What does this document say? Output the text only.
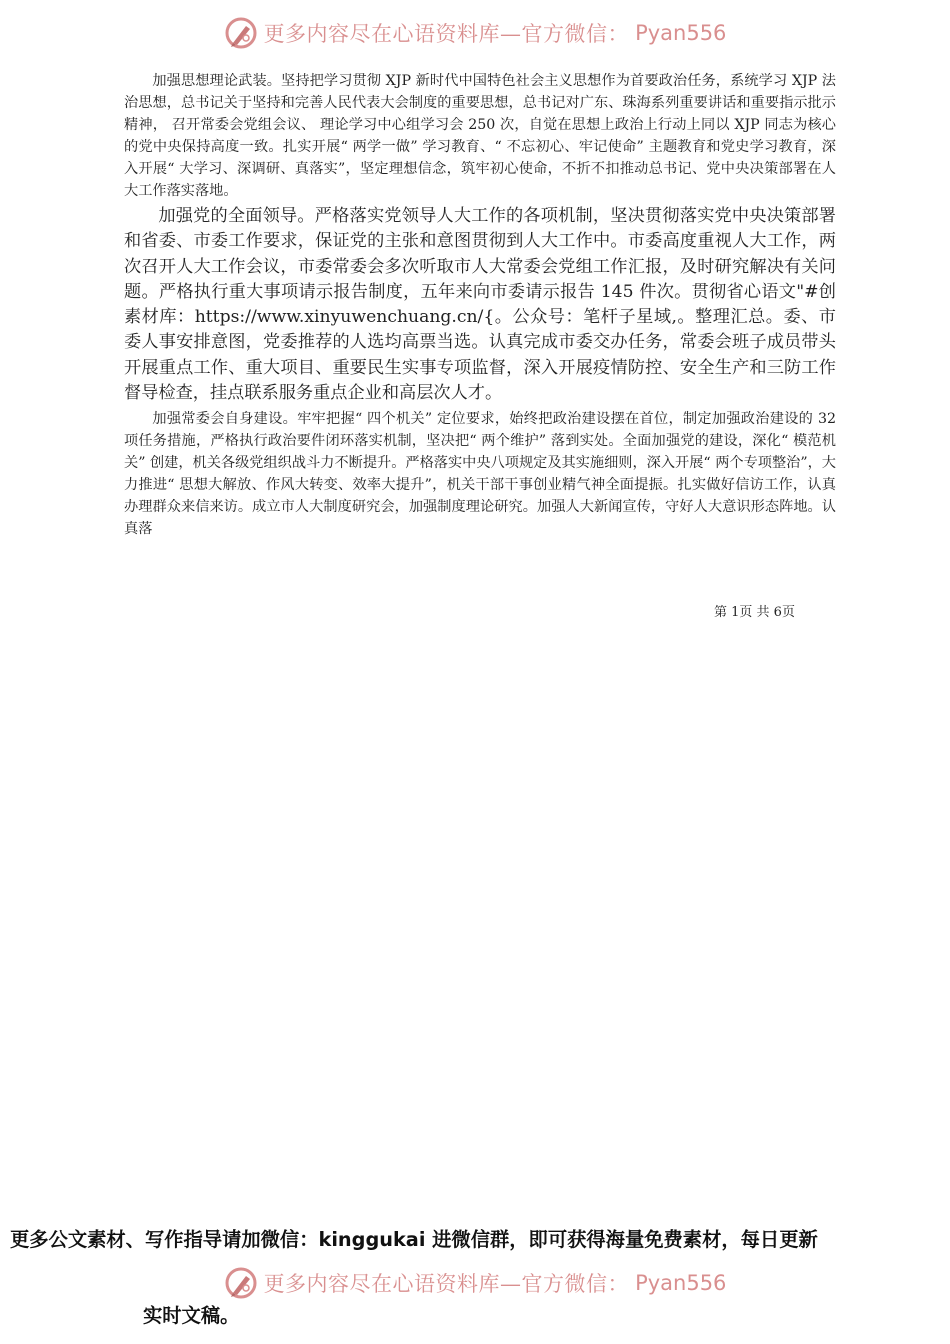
更多内容尽在心语资料库—官方微信： Pyan556

加强思想理论武装。坚持把学习贯彻 XJP 新时代中国特色社会主义思想作为首要政治任务，系统学习 XJP 法治思想，总书记关于坚持和完善人民代表大会制度的重要思想，总书记对广东、珠海系列重要讲话和重要指示批示精神， 召开常委会党组会议、 理论学习中心组学习会 250 次，自觉在思想上政治上行动上同以 XJP 同志为核心的党中央保持高度一致。扎实开展“ 两学一做” 学习教育、“ 不忘初心、牢记使命” 主题教育和党史学习教育，深入开展“ 大学习、深调研、真落实”，坚定理想信念，筑牢初心使命，不折不扣推动总书记、党中央决策部署在人大工作落实落地。

加强党的全面领导。严格落实党领导人大工作的各项机制，坚决贯彻落实党中央决策部署和省委、市委工作要求，保证党的主张和意图贯彻到人大工作中。市委高度重视人大工作，两次召开人大工作会议，市委常委会多次听取市人大常委会党组工作汇报，及时研究解决有关问题。严格执行重大事项请示报告制度，五年来向市委请示报告 145 件次。贯彻省心语文"#创素材库：https://www.xinyuwenchuang.cn/{。公众号：笔杆子星域,。整理汇总。委、市委人事安排意图，党委推荐的人选均高票当选。认真完成市委交办任务，常委会班子成员带头开展重点工作、重大项目、重要民生实事专项监督，深入开展疫情防控、安全生产和三防工作督导检查，挂点联系服务重点企业和高层次人才。

加强常委会自身建设。牢牢把握“ 四个机关” 定位要求，始终把政治建设摆在首位，制定加强政治建设的 32 项任务措施，严格执行政治要件闭环落实机制，坚决把“ 两个维护” 落到实处。全面加强党的建设，深化“ 模范机关” 创建，机关各级党组织战斗力不断提升。严格落实中央八项规定及其实施细则，深入开展“ 两个专项整治”，大力推进“ 思想大解放、作风大转变、效率大提升”，机关干部干事创业精气神全面提振。扎实做好信访工作，认真办理群众来信来访。成立市人大制度研究会，加强制度理论研究。加强人大新闻宣传，守好人大意识形态阵地。认真落

第 1页 共 6页
更多公文素材、写作指导请加微信：kinggukai 进微信群，即可获得海量免费素材，每日更新
更多内容尽在心语资料库—官方微信： Pyan556
实时文稿。
